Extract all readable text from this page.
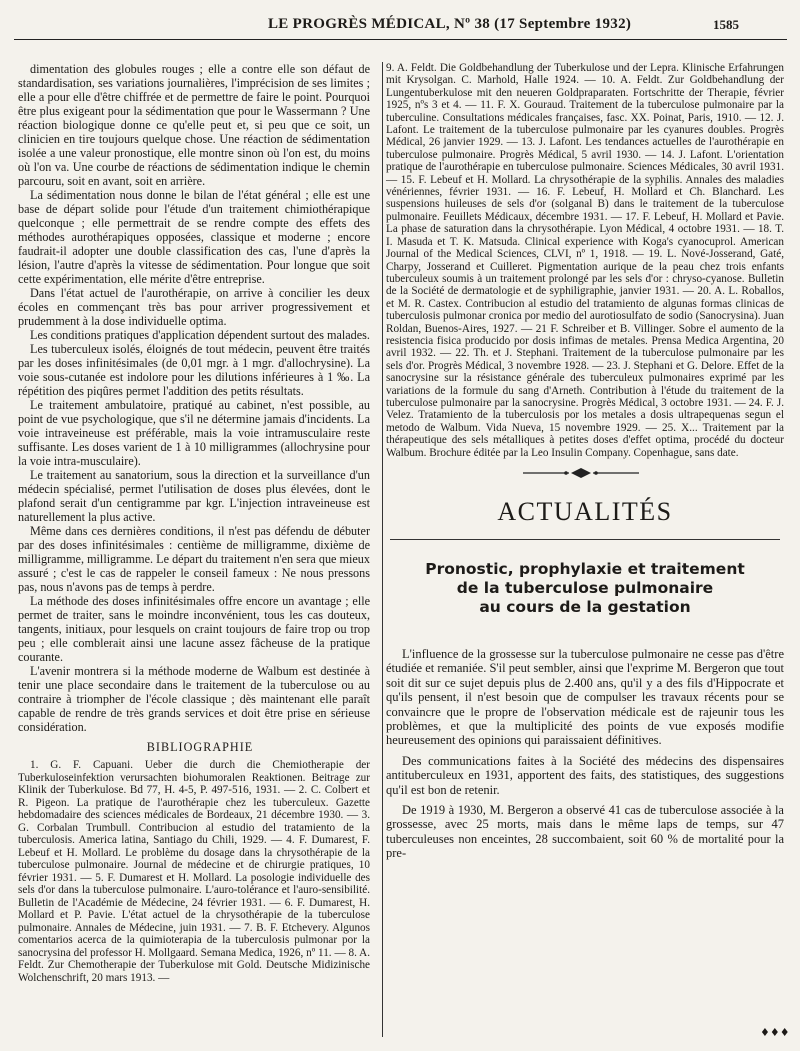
LE PROGRÈS MÉDICAL, Nº 38 (17 Septembre 1932)	1585

dimentation des globules rouges ; elle a contre elle son défaut de standardisation, ses variations journalières, l'imprécision de ses limites ; elle a pour elle d'être chiffrée et de permettre de faire le point. Pourquoi être plus exigeant pour la sédimentation que pour le Wassermann ? Une réaction biologique donne ce qu'elle peut et, si peu que ce soit, un clinicien en tire toujours quelque chose. Une réaction de sédimentation isolée a une valeur pronostique, elle montre sinon où l'on est, du moins où l'on va. Une courbe de réactions de sédimentation indique le chemin parcouru, soit en avant, soit en arrière.

La sédimentation nous donne le bilan de l'état général ; elle est une base de départ solide pour l'étude d'un traitement chimiothérapique quelconque ; elle permettrait de se rendre compte des effets des méthodes aurothérapiques opposées, classique et moderne ; encore faudrait-il adopter une double classification des cas, l'une d'après la lésion, l'autre d'après la vitesse de sédimentation. Pour longue que soit cette expérimentation, elle mérite d'être entreprise.

Dans l'état actuel de l'aurothérapie, on arrive à concilier les deux écoles en commençant très bas pour arriver progressivement et prudemment à la dose individuelle optima.

Les conditions pratiques d'application dépendent surtout des malades.

Les tuberculeux isolés, éloignés de tout médecin, peuvent être traités par les doses infinitésimales (de 0,01 mgr. à 1 mgr. d'allochrysine). La voie sous-cutanée est indolore pour les dilutions inférieures à 1 ‰. La répétition des piqûres permet l'addition des petits résultats.

Le traitement ambulatoire, pratiqué au cabinet, n'est possible, au point de vue psychologique, que s'il ne détermine jamais d'incidents. La voie intraveineuse est préférable, mais la voie intramusculaire reste suffisante. Les doses varient de 1 à 10 milligrammes (allochrysine pour la voie intra-musculaire).

Le traitement au sanatorium, sous la direction et la surveillance d'un médecin spécialisé, permet l'utilisation de doses plus élevées, dont le plafond serait d'un centigramme par kgr. L'injection intraveineuse est naturellement la plus active.

Même dans ces dernières conditions, il n'est pas défendu de débuter par des doses infinitésimales : centième de milligramme, dixième de milligramme, milligramme. Le départ du traitement n'en sera que mieux assuré ; c'est le cas de rappeler le conseil fameux : Ne nous pressons pas, nous n'avons pas de temps à perdre.

La méthode des doses infinitésimales offre encore un avantage ; elle permet de traiter, sans le moindre inconvénient, tous les cas douteux, tangents, initiaux, pour lesquels on craint toujours de faire trop ou trop peu ; elle comblerait ainsi une lacune assez fâcheuse de la pratique courante.

L'avenir montrera si la méthode moderne de Walbum est destinée à tenir une place secondaire dans le traitement de la tuberculose ou au contraire à triompher de l'école classique ; dès maintenant elle paraît capable de rendre de très grands services et doit être prise en sérieuse considération.

BIBLIOGRAPHIE

1. G. F. Capuani. Ueber die durch die Chemiotherapie der Tuberkuloseinfektion verursachten biohumoralen Reaktionen. Beitrage zur Klinik der Tuberkulose. Bd 77, H. 4-5, P. 497-516, 1931. — 2. C. Colbert et R. Pigeon. La pratique de l'aurothérapie chez les tuberculeux. Gazette hebdomadaire des sciences médicales de Bordeaux, 21 décembre 1930. — 3. G. Corbalan Trumbull. Contribucion al estudio del tratamiento de la tuberculosis. America latina, Santiago du Chili, 1929. — 4. F. Dumarest, F. Lebeuf et H. Mollard. Le problème du dosage dans la chrysothérapie de la tuberculose pulmonaire. Journal de médecine et de chirurgie pratiques, 10 février 1931. — 5. F. Dumarest et H. Mollard. La posologie individuelle des sels d'or dans la tuberculose pulmonaire. L'auro-tolérance et l'auro-sensibilité. Bulletin de l'Académie de Médecine, 24 février 1931. — 6. F. Dumarest, H. Mollard et P. Pavie. L'état actuel de la chrysothérapie de la tuberculose pulmonaire. Annales de Médecine, juin 1931. — 7. B. F. Etchevery. Algunos comentarios acerca de la quimioterapia de la tuberculosis pulmonar por la sanocrysina del professor H. Mollgaard. Semana Medica, 1926, nº 11. — 8. A. Feldt. Zur Chemotherapie der Tuberkulose mit Gold. Deutsche Midizinische Wolchenschrift, 20 mars 1913. —

9. A. Feldt. Die Goldbehandlung der Tuberkulose und der Lepra. Klinische Erfahrungen mit Krysolgan. C. Marhold, Halle 1924. — 10. A. Feldt. Zur Goldbehandlung der Lungentuberkulose mit den neueren Goldpraparaten. Fortschritte der Therapie, février 1925, nºs 3 et 4. — 11. F. X. Gouraud. Traitement de la tuberculose pulmonaire par la tuberculine. Consultations médicales françaises, fasc. XX. Poinat, Paris, 1910. — 12. J. Lafont. Le traitement de la tuberculose pulmonaire par les cyanures doubles. Progrès Médical, 26 janvier 1929. — 13. J. Lafont. Les tendances actuelles de l'aurothérapie en tuberculose pulmonaire. Progrès Médical, 5 avril 1930. — 14. J. Lafont. L'orientation pratique de l'aurothérapie en tuberculose pulmonaire. Sciences Médicales, 30 avril 1931. — 15. F. Lebeuf et H. Mollard. La chrysothérapie de la syphilis. Annales des maladies vénériennes, février 1931. — 16. F. Lebeuf, H. Mollard et Ch. Blanchard. Les suspensions huileuses de sels d'or (solganal B) dans le traitement de la tuberculose pulmonaire. Feuillets Médicaux, décembre 1931. — 17. F. Lebeuf, H. Mollard et Pavie. La phase de saturation dans la chrysothérapie. Lyon Médical, 4 octobre 1931. — 18. T. I. Masuda et T. K. Matsuda. Clinical experience with Koga's cyanocuprol. American Journal of the Medical Sciences, CLVI, nº 1, 1918. — 19. L. Nové-Josserand, Gaté, Charpy, Josserand et Cuilleret. Pigmentation aurique de la peau chez trois enfants tuberculeux soumis à un traitement prolongé par les sels d'or : chryso-cyanose. Bulletin de la Société de dermatologie et de syphiligraphie, janvier 1931. — 20. A. L. Roballos, et M. R. Castex. Contribucion al estudio del tratamiento de algunas formas clinicas de tuberculosis pulmonar cronica por medio del aurotiosulfato de sodio (Sanocrysina). Juan Roldan, Buenos-Aires, 1927. — 21 F. Schreiber et B. Villinger. Sobre el aumento de la resistencia fisica producido por dosis infimas de metales. Prensa Medica Argentina, 20 avril 1932. — 22. Th. et J. Stephani. Traitement de la tuberculose pulmonaire par les sels d'or. Progrès Médical, 3 novembre 1928. — 23. J. Stephani et G. Delore. Effet de la sanocrysine sur la résistance générale des tuberculeux pulmonaires exprimé par les variations de la formule du sang d'Arneth. Contribution à l'étude du traitement de la tuberculose pulmonaire par la sanocrysine. Progrès Médical, 3 octobre 1931. — 24. F. J. Velez. Tratamiento de la tuberculosis por los metales a dosis ultrapequenas segun el metodo de Walbum. Vida Nueva, 15 novembre 1929. — 25. X... Traitement par la thérapeutique des sels métalliques à petites doses d'effet optima, procédé du docteur Walbum. Brochure éditée par la Leo Insulin Company. Copenhague, sans date.

ACTUALITÉS
Pronostic, prophylaxie et traitement
de la tuberculose pulmonaire
au cours de la gestation

L'influence de la grossesse sur la tuberculose pulmonaire ne cesse pas d'être étudiée et remaniée. S'il peut sembler, ainsi que l'exprime M. Bergeron que tout soit dit sur ce sujet depuis plus de 2.400 ans, qu'il y a des fils d'Hippocrate et qu'ils pensent, il n'est besoin que de compulser les travaux récents pour se convaincre que le propre de l'observation médicale est de rajeunir tous les problèmes, et que la multiplicité des points de vue exposés modifie heureusement des opinions qui paraissaient définitives.

Des communications faites à la Société des médecins des dispensaires antituberculeux en 1931, apportent des faits, des statistiques, des suggestions qu'il est bon de retenir.

De 1919 à 1930, M. Bergeron a observé 41 cas de tuberculose associée à la grossesse, avec 25 morts, mais dans le même laps de temps, sur 47 tuberculeuses non enceintes, 28 succombaient, soit 60 % de mortalité pour la pre-

♦♦♦
